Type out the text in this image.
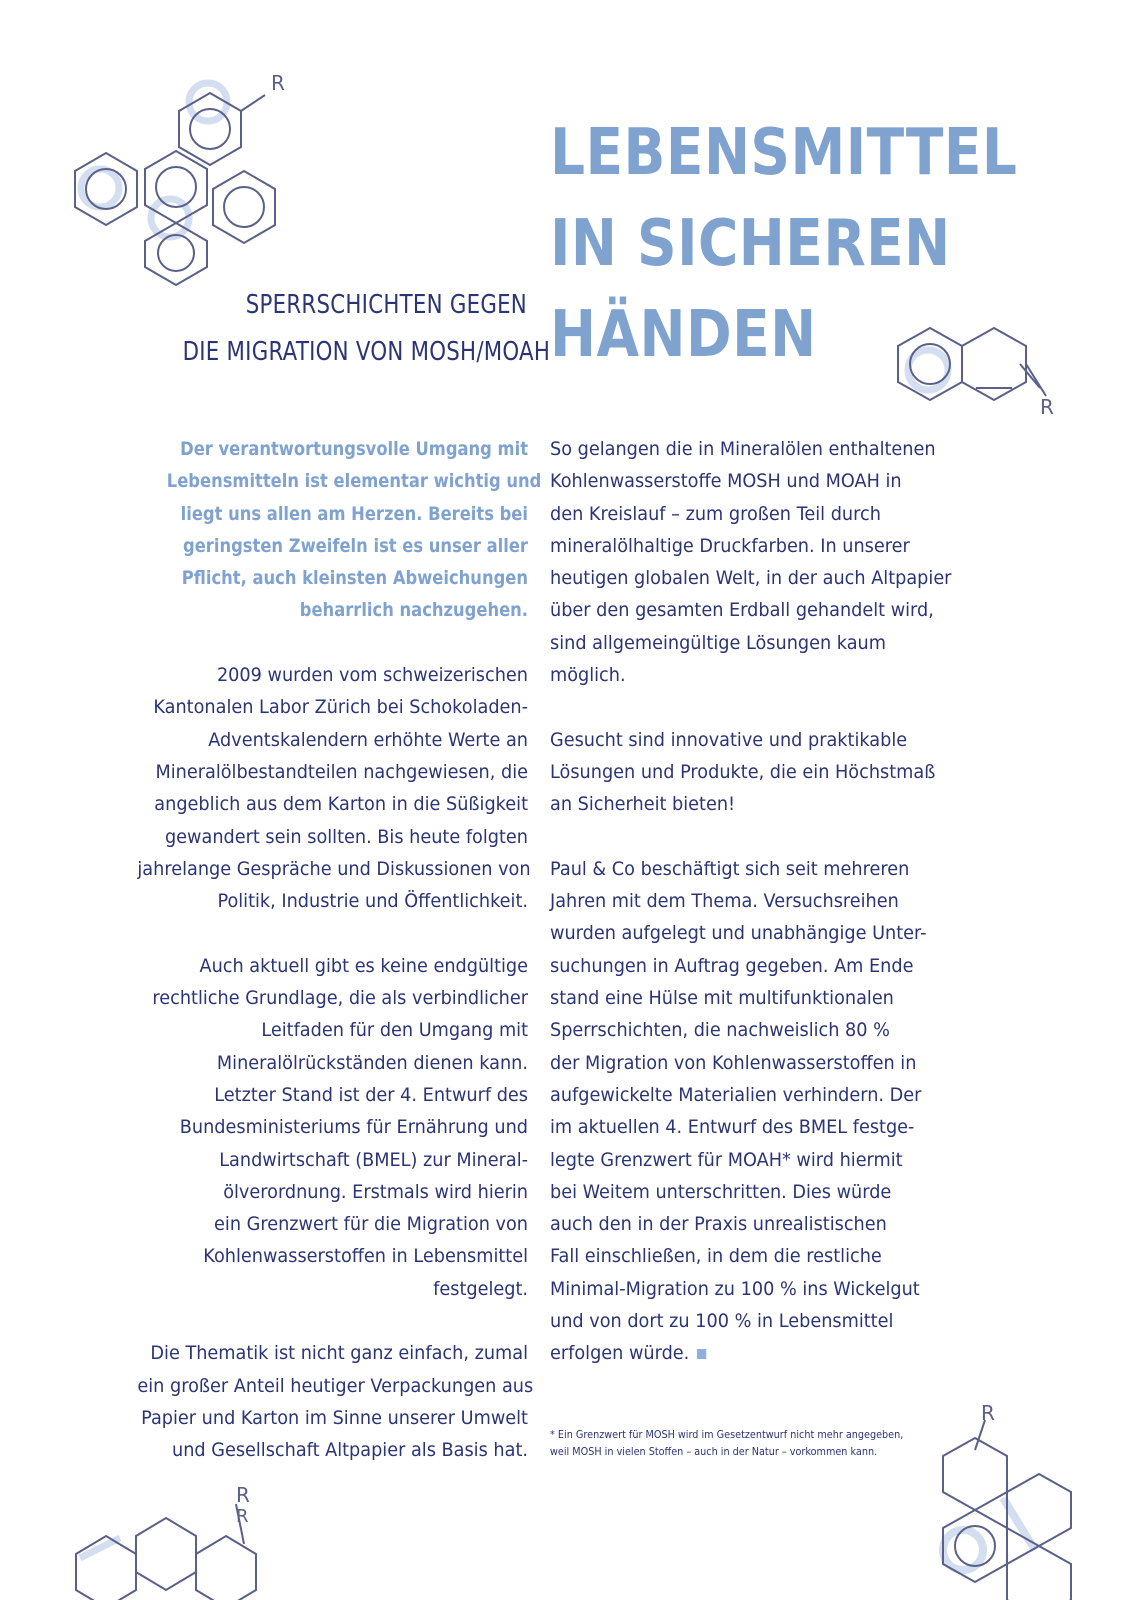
R
R
R
R
R
LEBENSMITTEL
IN SICHEREN
HÄNDEN
SPERRSCHICHTEN GEGEN
DIE MIGRATION VON MOSH/MOAH
Der verantwortungsvolle Umgang mit
Lebensmitteln ist elementar wichtig und
liegt uns allen am Herzen. Bereits bei
geringsten Zweifeln ist es unser aller
Pflicht, auch kleinsten Abweichungen
beharrlich nachzugehen.
2009 wurden vom schweizerischen
Kantonalen Labor Zürich bei Schokoladen-
Adventskalendern erhöhte Werte an
Mineralölbestandteilen nachgewiesen, die
angeblich aus dem Karton in die Süßigkeit
gewandert sein sollten. Bis heute folgten
jahrelange Gespräche und Diskussionen von
Politik, Industrie und Öffentlichkeit.
Auch aktuell gibt es keine endgültige
rechtliche Grundlage, die als verbindlicher
Leitfaden für den Umgang mit
Mineralölrückständen dienen kann.
Letzter Stand ist der 4. Entwurf des
Bundesministeriums für Ernährung und
Landwirtschaft (BMEL) zur Mineral-
ölverordnung. Erstmals wird hierin
ein Grenzwert für die Migration von
Kohlenwasserstoffen in Lebensmittel
festgelegt.
Die Thematik ist nicht ganz einfach, zumal
ein großer Anteil heutiger Verpackungen aus
Papier und Karton im Sinne unserer Umwelt
und Gesellschaft Altpapier als Basis hat.
So gelangen die in Mineralölen enthaltenen
Kohlenwasserstoffe MOSH und MOAH in
den Kreislauf – zum großen Teil durch
mineralölhaltige Druckfarben. In unserer
heutigen globalen Welt, in der auch Altpapier
über den gesamten Erdball gehandelt wird,
sind allgemeingültige Lösungen kaum
möglich.
Gesucht sind innovative und praktikable
Lösungen und Produkte, die ein Höchstmaß
an Sicherheit bieten!
Paul & Co beschäftigt sich seit mehreren
Jahren mit dem Thema. Versuchsreihen
wurden aufgelegt und unabhängige Unter-
suchungen in Auftrag gegeben. Am Ende
stand eine Hülse mit multifunktionalen
Sperrschichten, die nachweislich 80 %
der Migration von Kohlenwasserstoffen in
aufgewickelte Materialien verhindern. Der
im aktuellen 4. Entwurf des BMEL festge-
legte Grenzwert für MOAH* wird hiermit
bei Weitem unterschritten. Dies würde
auch den in der Praxis unrealistischen
Fall einschließen, in dem die restliche
Minimal-Migration zu 100 % ins Wickelgut
und von dort zu 100 % in Lebensmittel
erfolgen würde.
* Ein Grenzwert für MOSH wird im Gesetzentwurf nicht mehr angegeben,
weil MOSH in vielen Stoffen – auch in der Natur – vorkommen kann.
